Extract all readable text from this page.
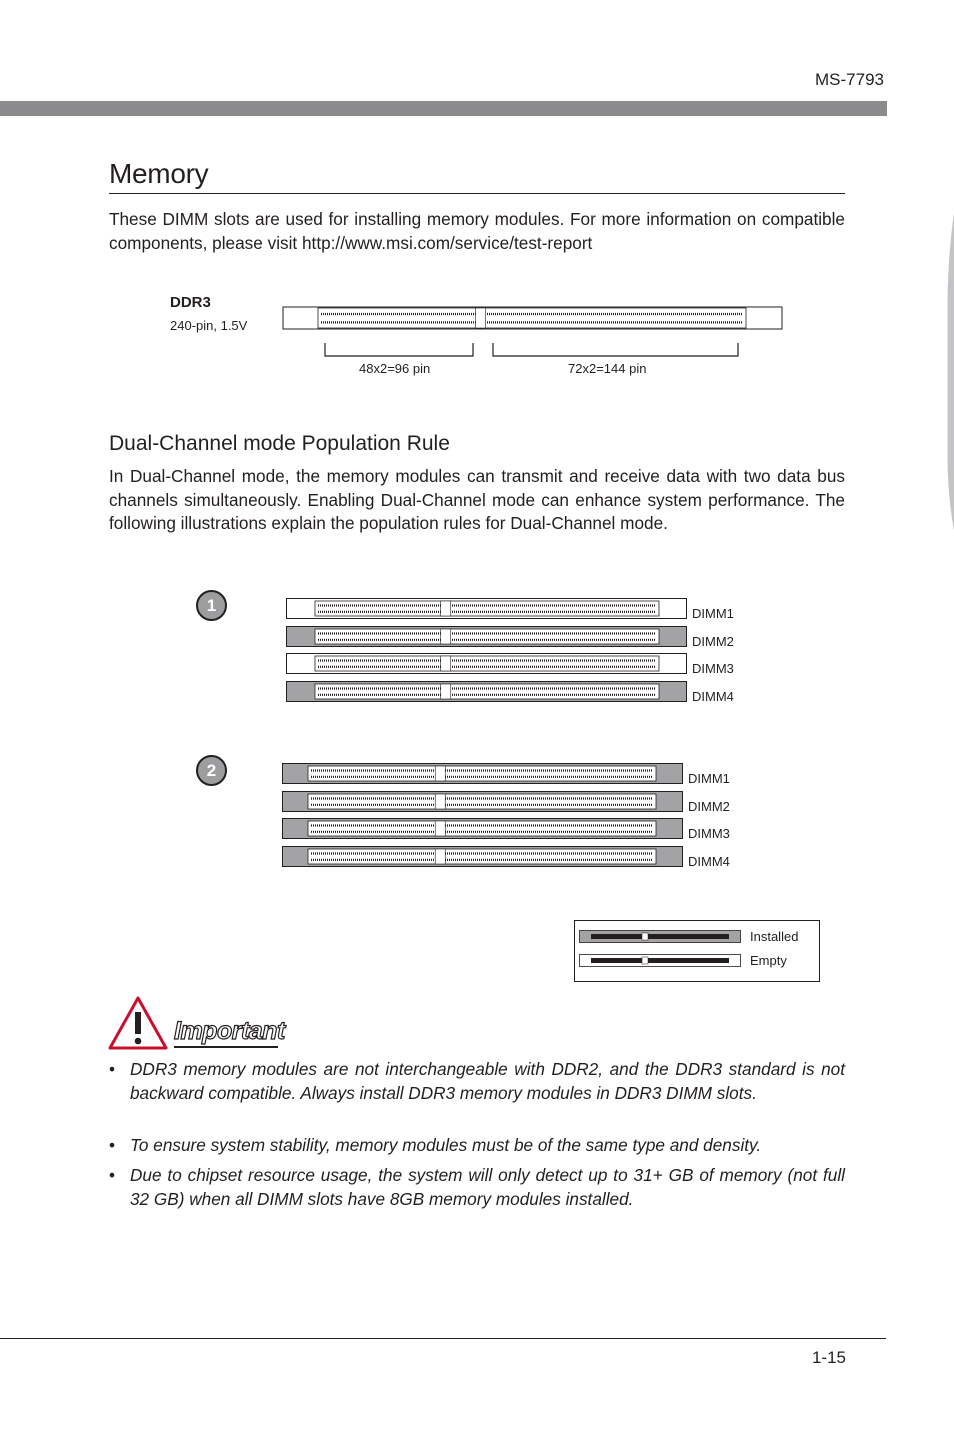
MS-7793
Chapter 1
Memory
These DIMM slots are used for installing memory modules. For more information on compatible components, please visit http://www.msi.com/service/test-report
DDR3
240-pin, 1.5V
48x2=96 pin	72x2=144 pin
Dual-Channel mode Population Rule
In Dual-Channel mode, the memory modules can transmit and receive data with two data bus channels simultaneously. Enabling Dual-Channel mode can enhance system performance. The following illustrations explain the population rules for Dual-Channel mode.
1
2
DIMM1
DIMM2
DIMM3
DIMM4
DIMM1
DIMM2
DIMM3
DIMM4
Installed
Empty
Important
• DDR3 memory modules are not interchangeable with DDR2, and the DDR3 standard is not backward compatible. Always install DDR3 memory modules in DDR3 DIMM slots.
• To ensure system stability, memory modules must be of the same type and density.
• Due to chipset resource usage, the system will only detect up to 31+ GB of memory (not full 32 GB) when all DIMM slots have 8GB memory modules installed.
1-15
